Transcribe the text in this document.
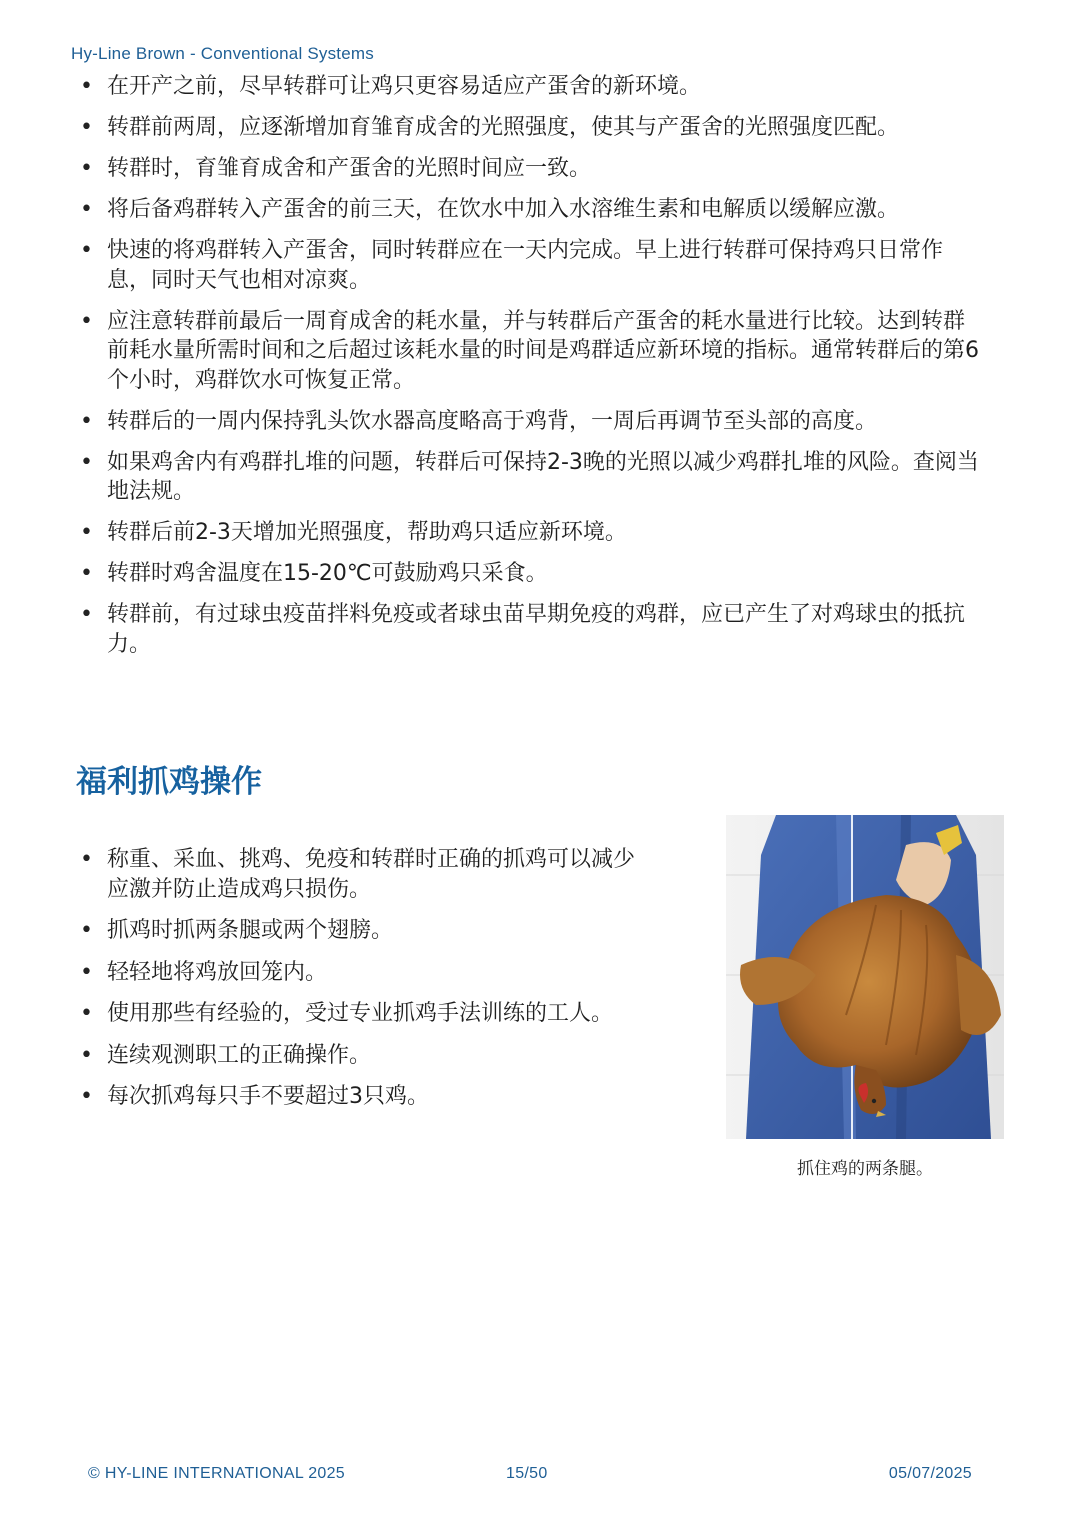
Hy-Line Brown - Conventional Systems
• 在开产之前，尽早转群可让鸡只更容易适应产蛋舍的新环境。
• 转群前两周，应逐渐增加育雏育成舍的光照强度，使其与产蛋舍的光照强度匹配。
• 转群时，育雏育成舍和产蛋舍的光照时间应一致。
• 将后备鸡群转入产蛋舍的前三天，在饮水中加入水溶维生素和电解质以缓解应激。
• 快速的将鸡群转入产蛋舍，同时转群应在一天内完成。早上进行转群可保持鸡只日常作息，同时天气也相对凉爽。
• 应注意转群前最后一周育成舍的耗水量，并与转群后产蛋舍的耗水量进行比较。达到转群前耗水量所需时间和之后超过该耗水量的时间是鸡群适应新环境的指标。通常转群后的第6个小时，鸡群饮水可恢复正常。
• 转群后的一周内保持乳头饮水器高度略高于鸡背，一周后再调节至头部的高度。
• 如果鸡舍内有鸡群扎堆的问题，转群后可保持2-3晚的光照以减少鸡群扎堆的风险。查阅当地法规。
• 转群后前2-3天增加光照强度，帮助鸡只适应新环境。
• 转群时鸡舍温度在15-20℃可鼓励鸡只采食。
• 转群前，有过球虫疫苗拌料免疫或者球虫苗早期免疫的鸡群，应已产生了对鸡球虫的抵抗力。
福利抓鸡操作
• 称重、采血、挑鸡、免疫和转群时正确的抓鸡可以减少应激并防止造成鸡只损伤。
• 抓鸡时抓两条腿或两个翅膀。
• 轻轻地将鸡放回笼内。
• 使用那些有经验的，受过专业抓鸡手法训练的工人。
• 连续观测职工的正确操作。
• 每次抓鸡每只手不要超过3只鸡。
抓住鸡的两条腿。
© HY-LINE INTERNATIONAL 2025	15/50	05/07/2025
